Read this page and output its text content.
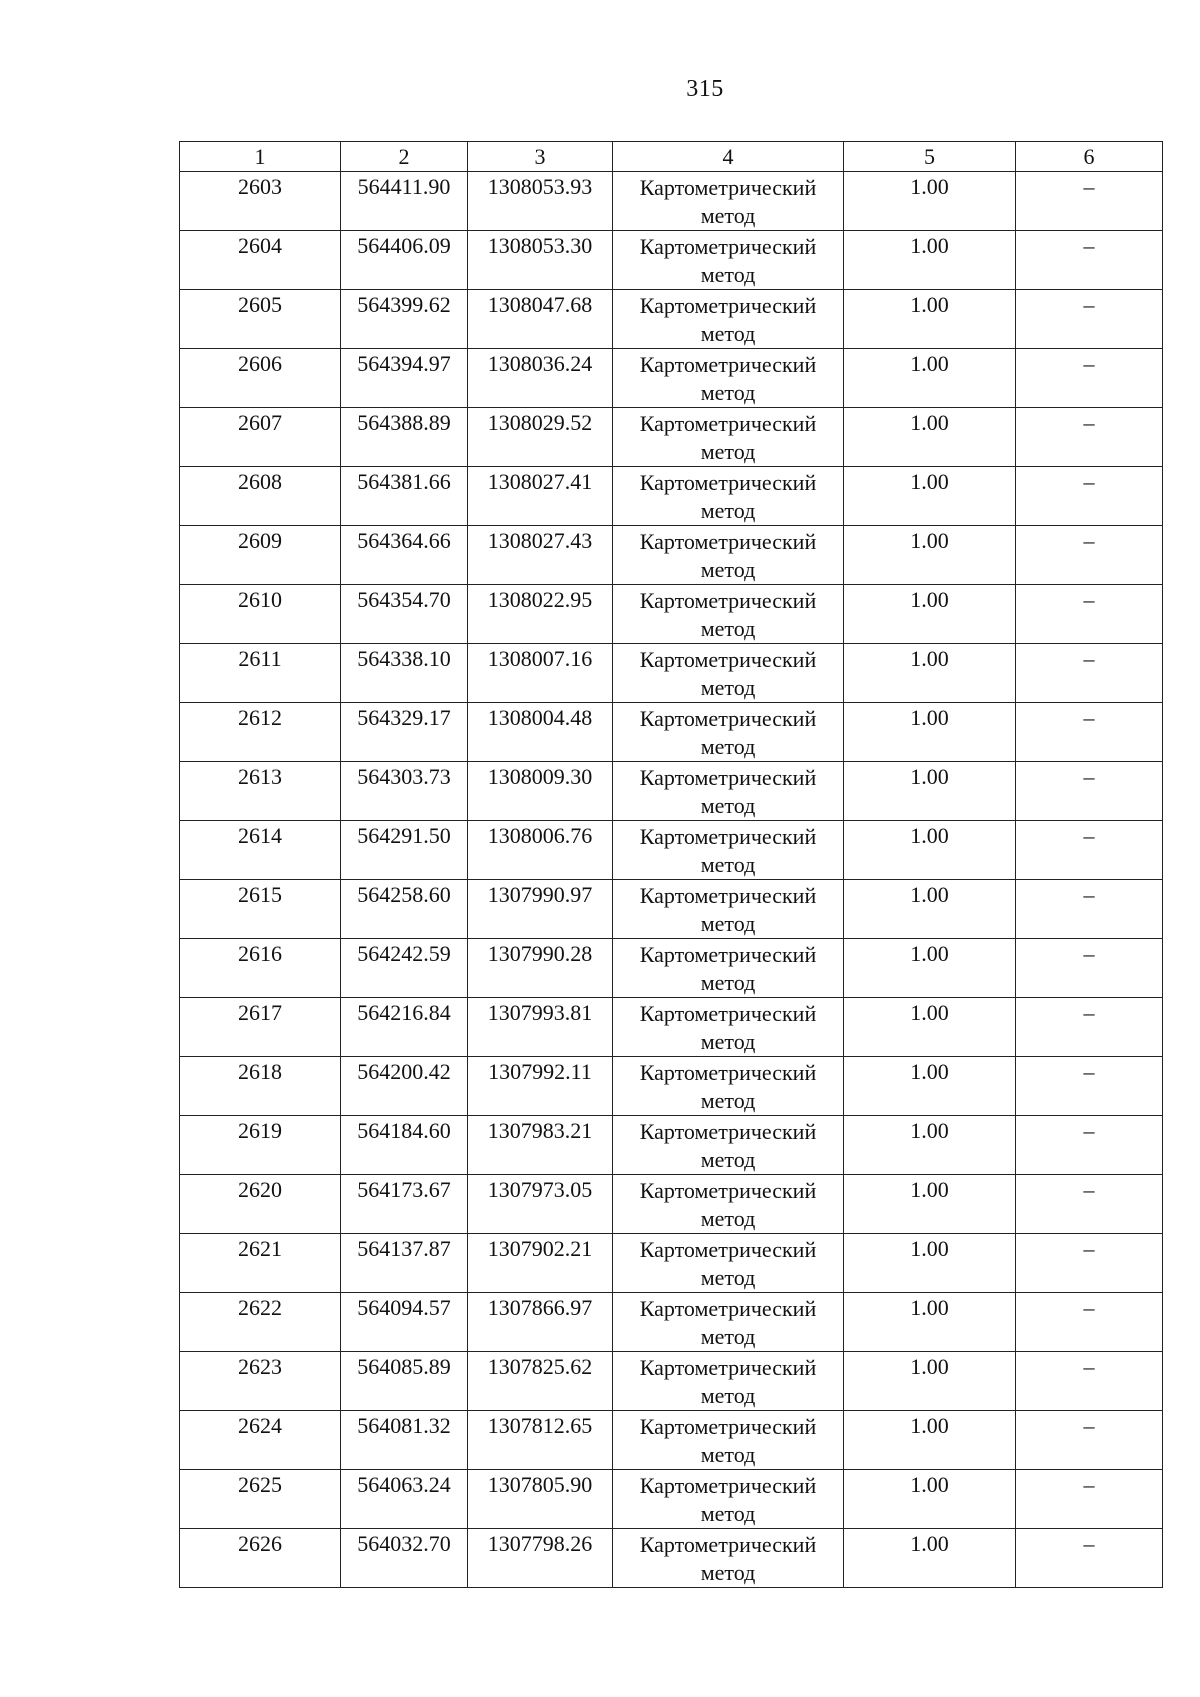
315
1	2	3	4	5	6
2603	564411.90	1308053.93	Картометрический метод	1.00	–
2604	564406.09	1308053.30	Картометрический метод	1.00	–
2605	564399.62	1308047.68	Картометрический метод	1.00	–
2606	564394.97	1308036.24	Картометрический метод	1.00	–
2607	564388.89	1308029.52	Картометрический метод	1.00	–
2608	564381.66	1308027.41	Картометрический метод	1.00	–
2609	564364.66	1308027.43	Картометрический метод	1.00	–
2610	564354.70	1308022.95	Картометрический метод	1.00	–
2611	564338.10	1308007.16	Картометрический метод	1.00	–
2612	564329.17	1308004.48	Картометрический метод	1.00	–
2613	564303.73	1308009.30	Картометрический метод	1.00	–
2614	564291.50	1308006.76	Картометрический метод	1.00	–
2615	564258.60	1307990.97	Картометрический метод	1.00	–
2616	564242.59	1307990.28	Картометрический метод	1.00	–
2617	564216.84	1307993.81	Картометрический метод	1.00	–
2618	564200.42	1307992.11	Картометрический метод	1.00	–
2619	564184.60	1307983.21	Картометрический метод	1.00	–
2620	564173.67	1307973.05	Картометрический метод	1.00	–
2621	564137.87	1307902.21	Картометрический метод	1.00	–
2622	564094.57	1307866.97	Картометрический метод	1.00	–
2623	564085.89	1307825.62	Картометрический метод	1.00	–
2624	564081.32	1307812.65	Картометрический метод	1.00	–
2625	564063.24	1307805.90	Картометрический метод	1.00	–
2626	564032.70	1307798.26	Картометрический метод	1.00	–
